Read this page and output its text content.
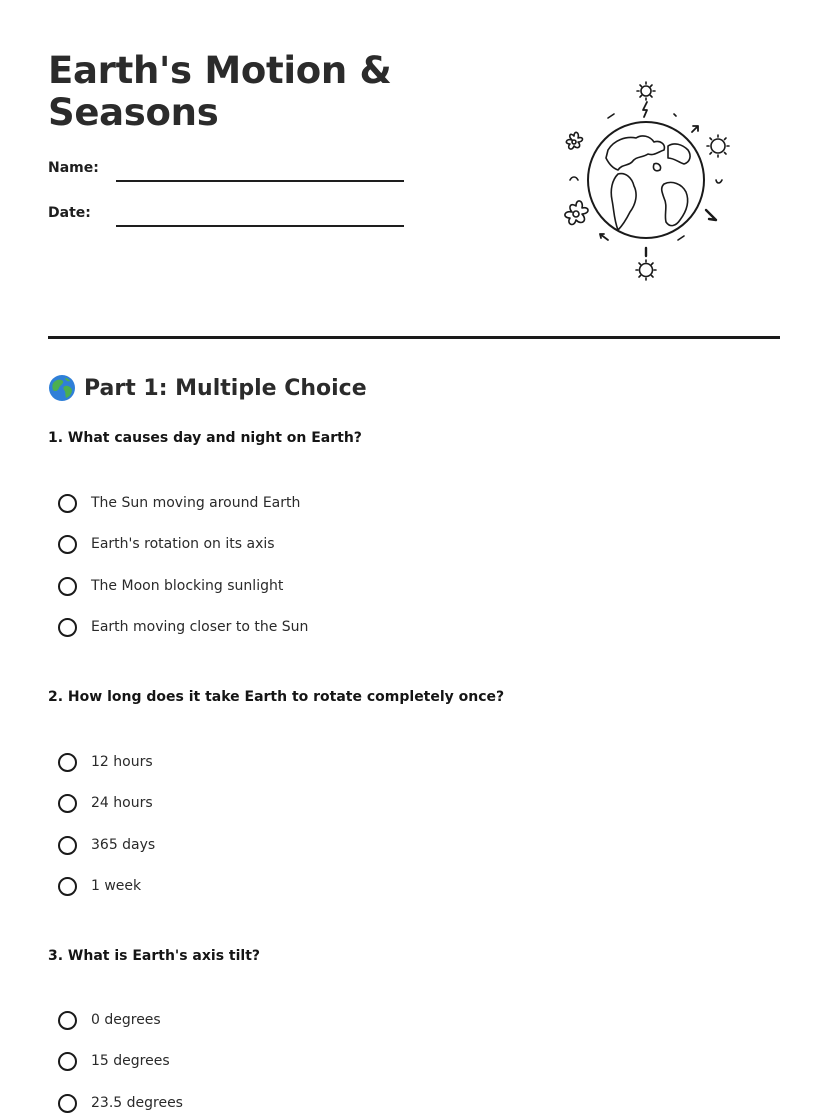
Earth's Motion & Seasons
Name:
Date:
Part 1: Multiple Choice
1. What causes day and night on Earth?
The Sun moving around Earth
Earth's rotation on its axis
The Moon blocking sunlight
Earth moving closer to the Sun
2. How long does it take Earth to rotate completely once?
12 hours
24 hours
365 days
1 week
3. What is Earth's axis tilt?
0 degrees
15 degrees
23.5 degrees
